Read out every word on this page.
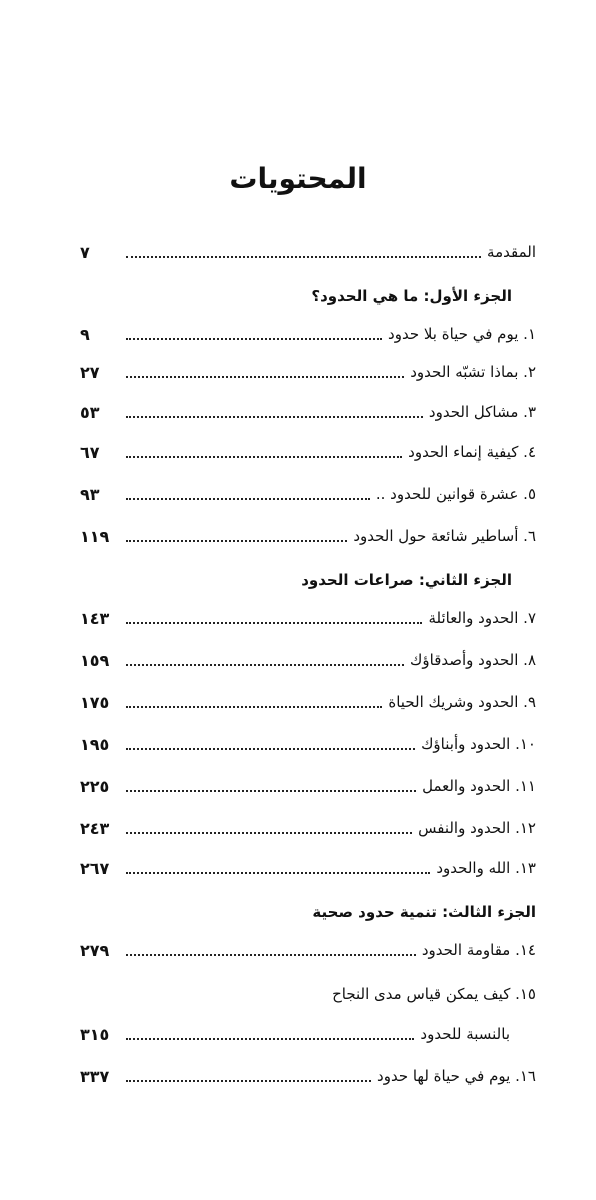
المحتويات
المقدمة
٧
الجزء الأول: ما هي الحدود؟
١. يوم في حياة بلا حدود
٩
٢. بماذا تشبّه الحدود
٢٧
٣. مشاكل الحدود
٥٣
٤. كيفية إنماء الحدود
٦٧
٥. عشرة قوانين للحدود ..
٩٣
٦. أساطير شائعة حول الحدود
١١٩
الجزء الثاني: صراعات الحدود
٧. الحدود والعائلة
١٤٣
٨. الحدود وأصدقاؤك
١٥٩
٩. الحدود وشريك الحياة
١٧٥
١٠. الحدود وأبناؤك
١٩٥
١١. الحدود والعمل
٢٢٥
١٢. الحدود والنفس
٢٤٣
١٣. الله والحدود
٢٦٧
الجزء الثالث: تنمية حدود صحية
١٤. مقاومة الحدود
٢٧٩
١٥. كيف يمكن قياس مدى النجاح
بالنسبة للحدود
٣١٥
١٦. يوم في حياة لها حدود
٣٣٧
